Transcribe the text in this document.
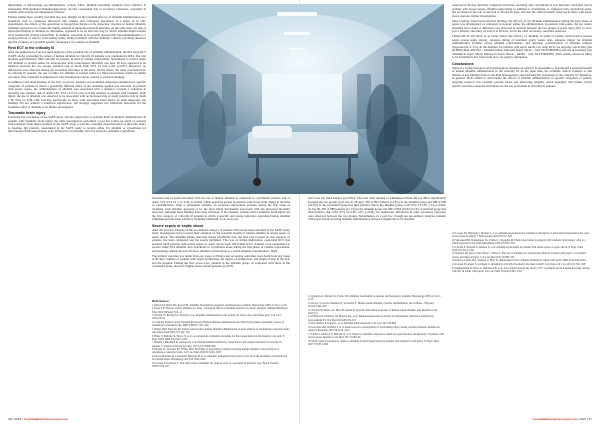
impairment of macrophage pro-inflammatory actions. Thus, albumin-containing solutions were effective in attenuating POS-mediated immunosuppression, and the consequent risk of secondary infections, especially in patients with acutely-decompensated cirrhosis.

Further studies have recently provided also new insights on the potential efficacy of albumin administration as a beneficial 'tool' to counteract infections. Del Giudice and colleagues elucidated, in a series of in vitro experiments, the effects of the opposition to lipopolysaccharide on the molecular structure of human albumin. Albumin appeared to be a molecule highly resistant to lipopolysaccharide infection. At the same time, the link of lipopolysaccharide to albumin as chitosomes, appeared to be an effective way by which albumin might transfer local bactericidal activity meanwhile. In addition, Giacobbe et al recently showed that hypoalbuminaemia is a strong predictor of risk for acute kidney injury during treatment with the antibiotic colistin, providing therefore the first evidence of a possible specific 'inadequacy for colistin on albumin.

First ECT in the critically ill

After the publication of several meta-analyses of the possible role of albumin administration, the first large RCT (SAFE study) evaluating the safety of human albumin in critically ill patients was concluded in 2004. The trial enrolled approximately 7000 critically ill patients, in need of volume replacement, randomised to receive either 4% albumin or normal saline for intravascular fluid resuscitation. Mortality rate after 28 days appeared to be identical between the two groups (relative risk of death 0.99; 95% CI 0.91–1.09; p=0.87). Moreover, no differences were observed among the secondary outcomes of the study. On the whole, the study concluded that, in critically ill patients, the use of either 4% albumin or normal saline for fluid resuscitation results in similar outcomes, thus originally hypothesised for the investigators and in contrast to previous findings.

In addition to the main findings of the trial, a post hoc analysis on pre-defined subgroups identified two specific categories of patients in which a potentially different effect of the treatment applied was observed. In patients with severe sepsis, the administration of albumin was associated with a tendency towards a reduction in mortality rate (relative risk of death 0.87; 95% CI 0.74–1.02; p=0.09) whereas in patients with traumatic brain injury, the use of albumin was observed to be associated with an increased risk of death (relative risk of death 1.36; 95% CI 0.99–1.86; p=0.04), specifically in those with associated brain injury. In both subgroups, the findings did not achieve a statistical significance, but strongly suggested two important directions for the treatment effect of albumin to be further investigated.

Traumatic brain injury

Following the conclusion of the SAFE study, and the observation of possible harm of albumin administration in patients with traumatic brain injury, the same investigators performed a post hoc follow-up study on patients with traumatic brain injury enrolled in the SAFE study to provide a detailed characterisation of the brain injury at baseline, 6th preterm, randomised in the SAFE study to receive either 4% albumin or crystalloids for intravascular fluid resuscitation, were followed for 24 months. Survival analysis confirmed a significant

increased risk of death associated with the use of human albumin as compared to crystalloids (relative risk of death 1.63; 95% CI 1.17–2.26; p=0.003), which appeared greater in patients with severe brain injury at the time of randomisation. After a subsequent analysis, an increased intracranial pressure during the first week of treatment with albumin appeared to be the most likely mechanism associated with the increased mortality observed. Although these findings have been criticised, at the moment, patients with a traumatic brain injury are the first category of critically ill patients in which a specific and strong indication regarding human albumin administration has been achieved, including ultimately a ban on its use.

Severe sepsis or septic shock

After the post hoc analysis on the pre-defined category of patients with severe sepsis enrolled in the SAFE study, many investigators have focused their attention on the potential benefit of human albumin in severe sepsis or septic shock. The Albumin Italian Outcome Sepsis (ALBIOS) trial, the first trial focused on this category of patients, has been completed and the results published. This was an Italian multicentre, open-label RCT that enrolled 1818 patients with severe sepsis or septic shock from 100 Italian ICUs. Patients were randomised to receive either 20% albumin and crystalloids or crystalloids alone during the first phase of volume replacement, and targeting, during the next 28 days, albumin concentration to a serum albumin concentration ≥30g/L.

The primary outcome was death from any cause at 28 days and secondary outcomes were death from any cause at 90 days, number of patients with organ dysfunction, the degree of dysfunction, and length of stay in the ICU and the hospital. During the first seven days, patients in the albumin group, as compared with those in the crystalloid group, showed a higher mean arterial pressure (p=0.03)

References
1 Dubois M, Mertz MJ, Rossi TM. Albumin: biochemical properties and therapeutic potential. Hepatology 2005;41:1211–1219
2 Evans TW. Review article: albumin as a drug – biological effects of albumin unrelated to oncotic pressure. Aliment Pharmacol Ther 2002;16(Suppl 5):6–11
3 Vincent JL, Russell JA, Jacob M, et al. Albumin administration in the acutely ill: what is new and where next? Crit Care 2014;18:231
4 Cochrane Injuries Group Albumin Reviewers. Human albumin administration in critically ill patients: systematic review of randomised controlled trials. BMJ 1998;317:235–240
5 Wilkes MM, Navickis RJ. Patient survival after human albumin administration. A meta-analysis of randomized, controlled trials. Ann Intern Med 2001;135:149–164
6 Finfer S, Bellomo R, Boyce N, et al. A comparison of albumin and saline for fluid resuscitation in the intensive care unit. N Engl J Med 2004;350:2247–2256
7 Roberts I, Blackhall K, Alderson P, et al. Human albumin solution for resuscitation and volume expansion in critically ill patients. Cochrane Database Syst Rev 2011;(11):CD001208
8 Vincent JL, Navickis RJ, Wilkes MM. Morbidity in hospitalized patients receiving human albumin: a meta-analysis of randomized, controlled trials. Crit Care Med 2004;32:2029–2038
9 Garcia-Martinez R, Caraceni P, Bernardi M, et al. Albumin: pathophysiologic basis of its role in the treatment of cirrhosis and its complications. Hepatology 2013;58:1836–1846
10 Caironi P, Gattinoni L. The clinical use of albumin: the point of view of a specialist in intensive care. Blood Transfus 2009;7:259–267
A8 | 2015 | hospitalpharmacyeurope.com

and lower net fluid balance (p<0.001). The total daily amount of administered fluid did not differ significantly between the two groups (p=0.10). At 28 days, 285 of 895 patients (31.8%) in the albumin group and 288 of 900 (32.0%) in the crystalloid group had died (relative risk in the albumin group, 1.00; 95% CI 0.87–1.14; p=0.94). At day 90, 365 of 888 patients (41.1%) in the albumin group and 389 of 893 (43.6%) in the crystalloid group had died (relative risk, 0.94; 95% CI 0.85–1.05; p=0.29). No significant differences in other secondary outcomes were observed between the two groups. Nevertheless, in a post hoc, though not pre-defined, analysis, patients with septic shock receiving albumin administration showed a significant 6.5% absolute

reduction in 90-day mortality compared with those receiving only crystalloids. It was therefore concluded that in patients with severe sepsis, albumin replacement in addition to crystalloids, as compared with crystalloids alone, did not improve the rate of survival at 28 and 90 days, and that the clinical benefit observed in those with septic shock warrants further investigation.

More recently, based upon previous findings, the efficacy of 4% albumin administration during the early phase of sepsis was investigated, as compared to isotonic saline. Its administration, in patients with sepsis, did not reduce mortality and a trend of difference was observed in survival between the two groups at seven days (10% vs 12%, p=0.1 primary outcome), as well as at 28 days, nor in the other secondary outcomes observed.

Further RCTs will allow us to better dissect the efficacy of albumin, in terms of patient characteristics (severe sepsis versus septic shock), adequate timing of treatment (early versus late), adequate trigger for albumin administration (volume versus albumin replacement), and adequate concentrations of albumin solution (hyperoncotic 4–5%). At the moment, for patients with septic shock, two large RCTs are ongoing: one in Italy (the ALBIOS-BALANCED – Albumin Italian Outcome Septic Shock – trial; NCT03869385) and one in Germany (the Albumin in Septic Shock Therapy in Septic Shock – ARISS – trial; NCT03869385). Their results, which are likely to be available in few years from now, are eagerly anticipated.

Conclusions

There is a strong biological and physiological rationale on which it is reasonable to hypothesise a potential benefit of human albumin administration in the critically ill. At the same time, the available clinical evidence is still limited. A key limiting factor is the high heterogeneity characterising the population of the critically ill. Therefore, in general, RCTs aimed to characterise the effects of albumin administration in specific categories of patient, targeting research will certainly provide future and interesting insights, which hopefully will further clarify specific and more adequate indications for the use of albumin in critically ill patients.

11 Quinlan GJ, Martin GS, Evans TW. Albumin: biochemical properties and therapeutic potential. Hepatology 2005;41:1211–1219
12 Arroyo V, Garcia-Martinez R, Salvatella X. Human serum albumin, systemic inflammation, and cirrhosis. J Hepatol 2014;61:396–407
13 Taverna M, Marie AL, Mira JP, Guidet B. Specific antioxidant properties of human serum albumin. Ann Intensive Care 2013;3:4
14 O'Brien AJ, Fullerton JN, Massey KA, et al. Immunosuppression in acutely decompensated cirrhosis is mediated by prostaglandin E2. Nat Med 2014;20:518–523
15 Del Giudice P, Pagani L, et al. Albumin binds endotoxin. Crit Care 2015;19:P82
16 Giacobbe DR, Di Bella S, et al. Risk factors for development of acute kidney injury during colistin treatment. Antimicrob Agents Chemother 2015;59:5216–5219
17 Finfer S, McEvoy S, Bellomo R, et al. Impact of albumin compared to saline on organ function and mortality of patients with severe sepsis. Intensive Care Med 2011;37:86–96
18 SAFE Study Investigators. Saline or albumin for fluid resuscitation in patients with traumatic brain injury. N Engl J Med 2007;357:874–884
19 Cooper DJ, Myburgh J, Heritier S, et al. Albumin resuscitation for traumatic brain injury: is intracranial hypertension the cause of increased mortality? J Neurotrauma 2013;30:512–518
20 Van Aken HK, Kampmeier TG, Ertmer C, Westphal M. Fluid resuscitation in patients with traumatic brain injury: what is a SAFE approach? Curr Opin Anaesthesiol 2012;25:563–565
21 Caironi P, Tognoni G, Masson S, et al. Albumin replacement in patients with severe sepsis or septic shock. N Engl J Med 2014;370:1412–1421
22 Delaney AP, Dan A, McCaffrey J, Finfer S. The role of albumin as a resuscitation fluid for patients with sepsis: a systematic review and meta-analysis. Crit Care Med 2011;39:386–391
23 Patel A, Laffan MA, Waheed U, Brett SJ. Randomised trials of human albumin for adults with sepsis. BMJ 2014;349:g4561
24 Caironi P, Langer T, Gattinoni L. Albumin in critically ill patients: the ideal colloid? Curr Opin Crit Care 2015;21:302–308
25 Raghunathan K, Shaw A, Nathanson B, et al. Association between the choice of IV crystalloid and in-hospital mortality among critically ill adults with sepsis. Crit Care Med 2014;42:1585–1591
hospitalpharmacyeurope.com | 2015 | 57
